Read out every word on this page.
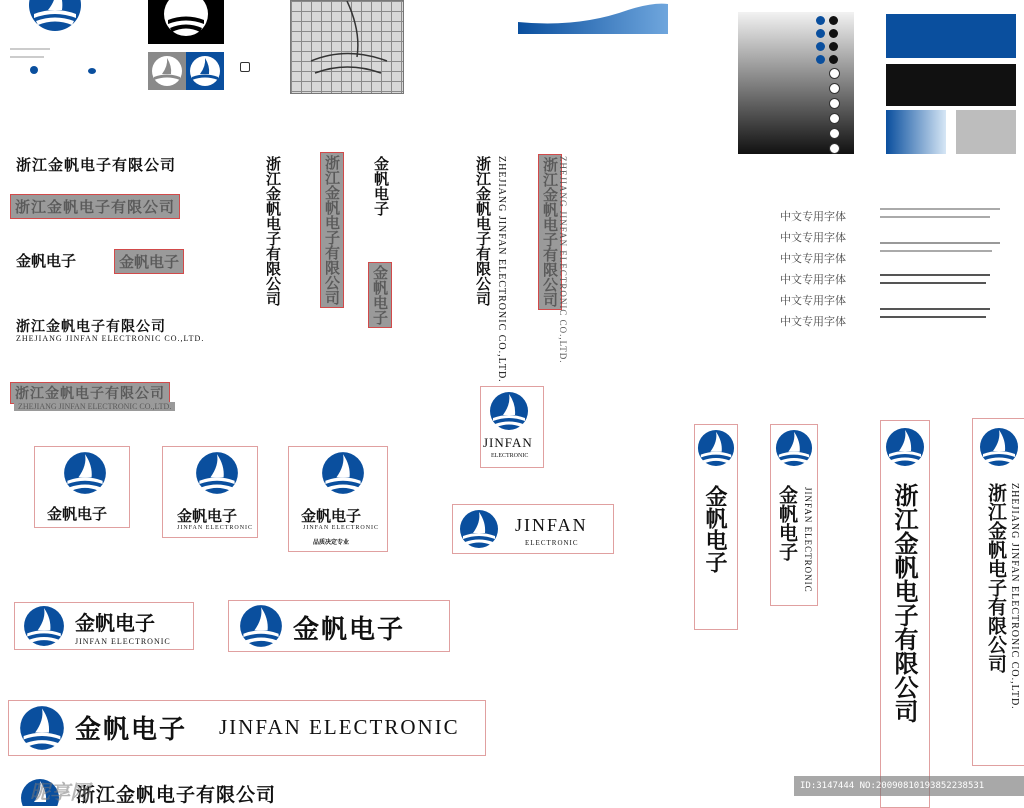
浙江金帆电子有限公司
浙江金帆电子有限公司
金帆电子	金帆电子
浙江金帆电子有限公司
ZHEJIANG JINFAN ELECTRONIC CO.,LTD.
浙江金帆电子有限公司
ZHEJIANG JINFAN ELECTRONIC CO.,LTD.
浙江金帆电子有限公司	浙江金帆电子有限公司 金帆电子
金帆电子	浙江金帆电子有限公司 ZHEJIANG JINFAN ELECTRONIC CO.,LTD. 浙江金帆电子有限公司 ZHEJIANG JINFAN ELECTRONIC CO.,LTD.	中文专用字体
中文专用字体
中文专用字体
中文专用字体
中文专用字体
中文专用字体
JINFAN
ELECTRONIC
金帆电子	金帆电子
JINFAN ELECTRONIC
金帆电子
JINFAN ELECTRONIC
品质决定专业
JINFAN
ELECTRONIC
金帆电子
JINFAN ELECTRONIC	金帆电子
金帆电子 JINFAN ELECTRONIC
浙江金帆电子有限公司
金帆电子	金帆电子 JINFAN ELECTRONIC	浙江金帆电子有限公司	浙江金帆电子有限公司 ZHEJIANG JINFAN ELECTRONIC CO.,LTD.
昵享网	ID:3147444 NO:20090810193852238531
